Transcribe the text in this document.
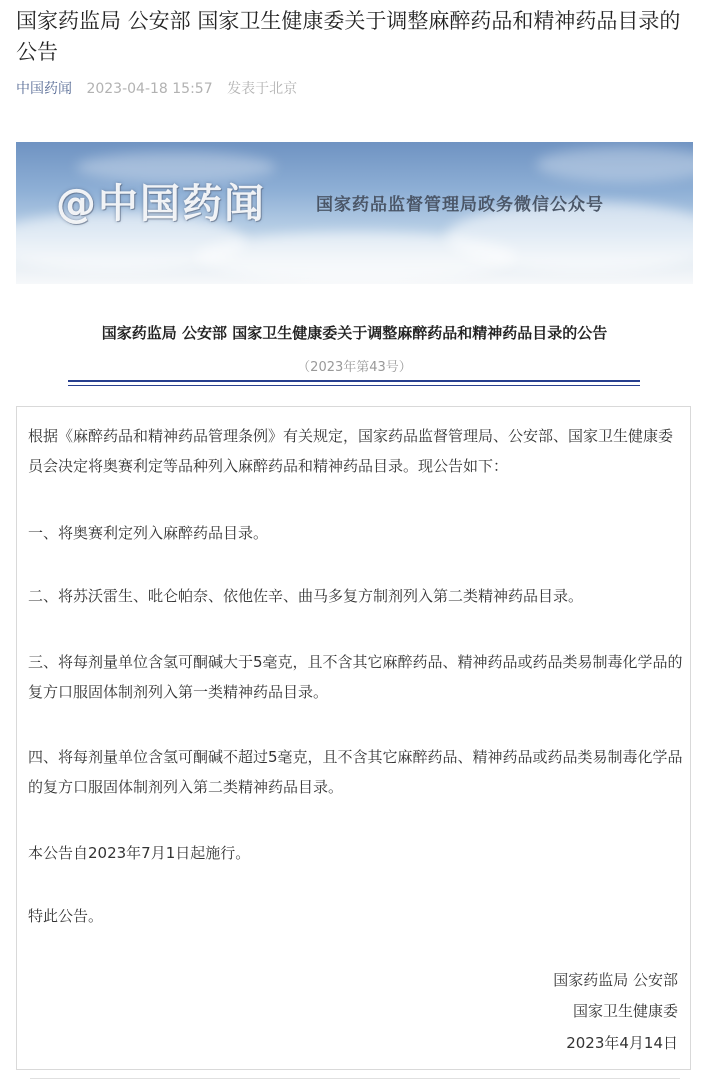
国家药监局 公安部 国家卫生健康委关于调整麻醉药品和精神药品目录的公告
中国药闻 2023-04-18 15:57 发表于北京
@中国药闻	国家药品监督管理局政务微信公众号
国家药监局 公安部 国家卫生健康委关于调整麻醉药品和精神药品目录的公告
（2023年第43号）

根据《麻醉药品和精神药品管理条例》有关规定，国家药品监督管理局、公安部、国家卫生健康委员会决定将奥赛利定等品种列入麻醉药品和精神药品目录。现公告如下：

一、将奥赛利定列入麻醉药品目录。

二、将苏沃雷生、吡仑帕奈、依他佐辛、曲马多复方制剂列入第二类精神药品目录。

三、将每剂量单位含氢可酮碱大于5毫克，且不含其它麻醉药品、精神药品或药品类易制毒化学品的复方口服固体制剂列入第一类精神药品目录。

四、将每剂量单位含氢可酮碱不超过5毫克，且不含其它麻醉药品、精神药品或药品类易制毒化学品的复方口服固体制剂列入第二类精神药品目录。

本公告自2023年7月1日起施行。

特此公告。

国家药监局 公安部

国家卫生健康委

2023年4月14日
